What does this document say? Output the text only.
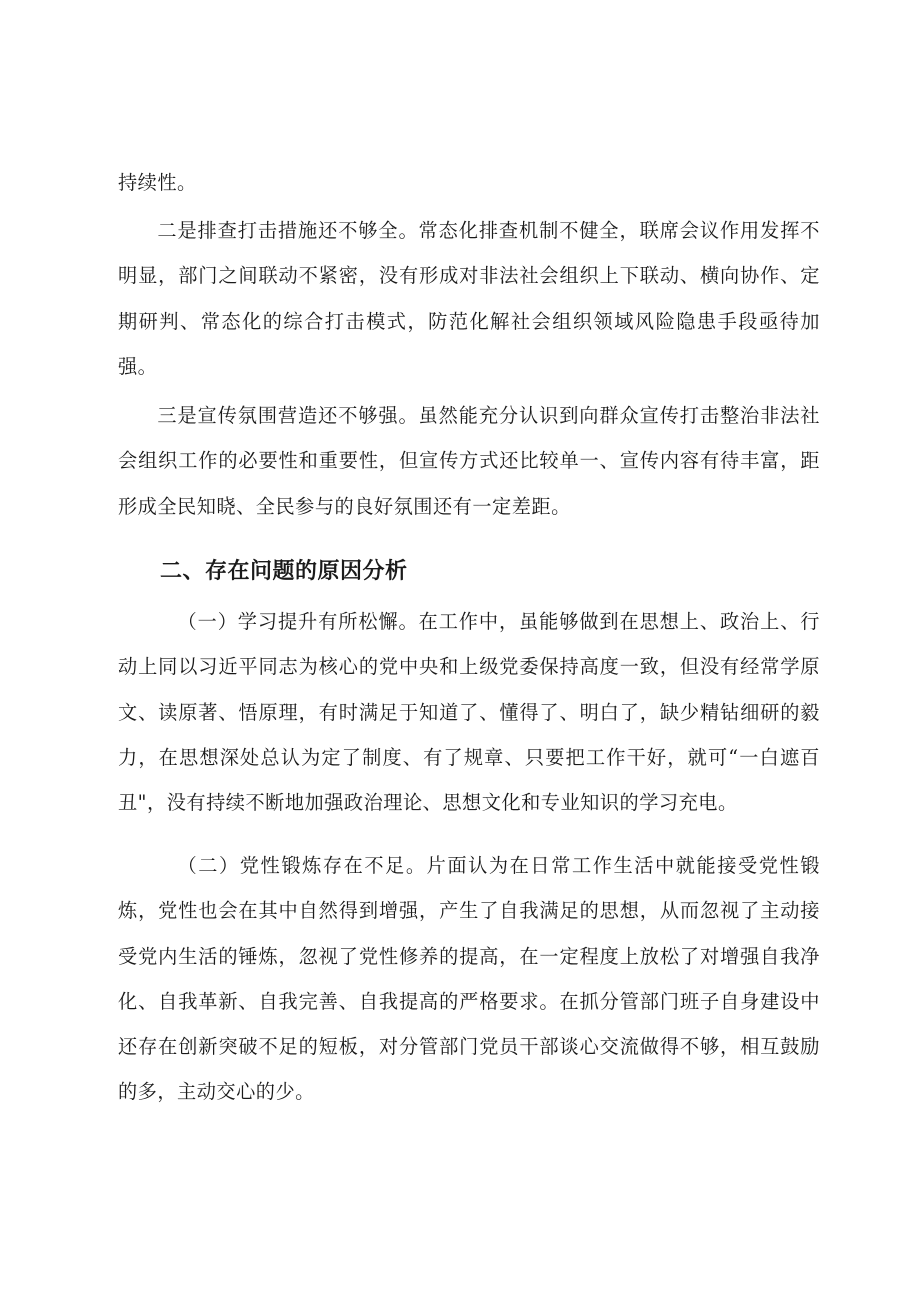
持续性。

二是排查打击措施还不够全。常态化排查机制不健全，联席会议作用发挥不明显，部门之间联动不紧密，没有形成对非法社会组织上下联动、横向协作、定期研判、常态化的综合打击模式，防范化解社会组织领域风险隐患手段亟待加强。

三是宣传氛围营造还不够强。虽然能充分认识到向群众宣传打击整治非法社会组织工作的必要性和重要性，但宣传方式还比较单一、宣传内容有待丰富，距形成全民知晓、全民参与的良好氛围还有一定差距。

二、存在问题的原因分析

（一）学习提升有所松懈。在工作中，虽能够做到在思想上、政治上、行动上同以习近平同志为核心的党中央和上级党委保持高度一致，但没有经常学原文、读原著、悟原理，有时满足于知道了、懂得了、明白了，缺少精钻细研的毅力，在思想深处总认为定了制度、有了规章、只要把工作干好，就可“一白遮百丑"，没有持续不断地加强政治理论、思想文化和专业知识的学习充电。

（二）党性锻炼存在不足。片面认为在日常工作生活中就能接受党性锻炼，党性也会在其中自然得到增强，产生了自我满足的思想，从而忽视了主动接受党内生活的锤炼，忽视了党性修养的提高，在一定程度上放松了对增强自我净化、自我革新、自我完善、自我提高的严格要求。在抓分管部门班子自身建设中还存在创新突破不足的短板，对分管部门党员干部谈心交流做得不够，相互鼓励的多，主动交心的少。
